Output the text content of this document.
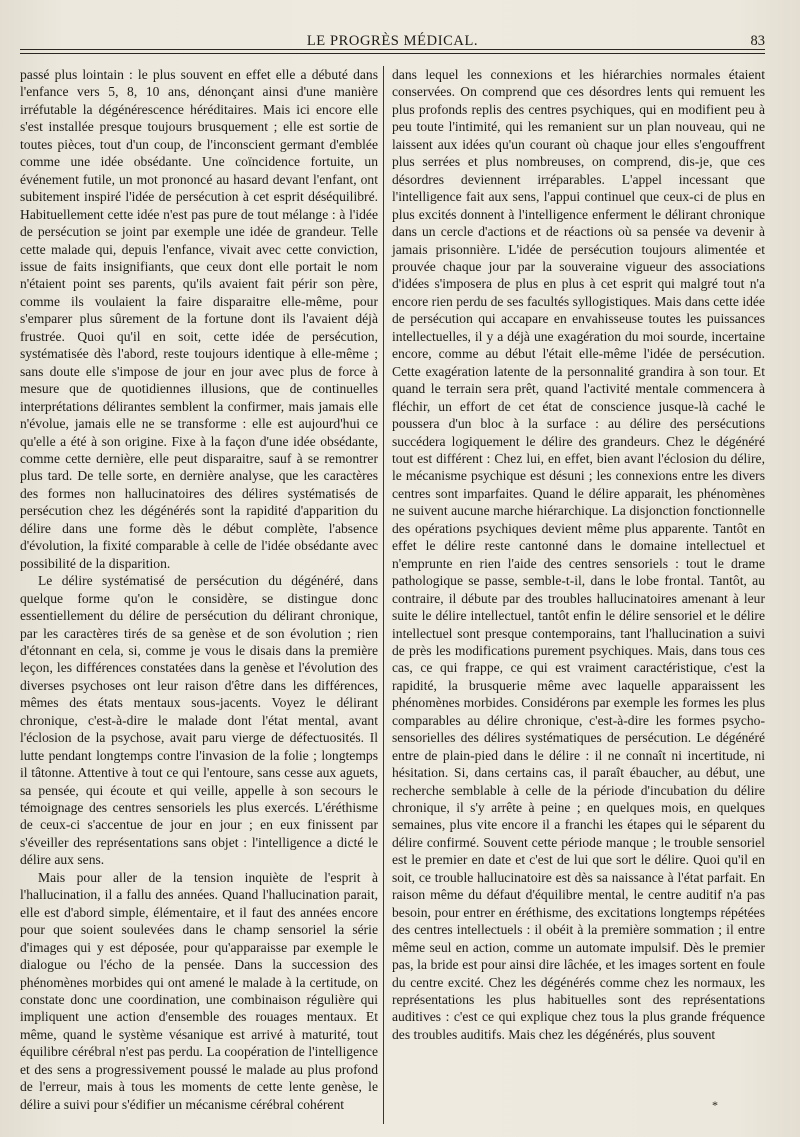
LE PROGRÈS MÉDICAL.	83

passé plus lointain : le plus souvent en effet elle a débuté dans l'enfance vers 5, 8, 10 ans, dénonçant ainsi d'une manière irréfutable la dégénérescence héréditaires. Mais ici encore elle s'est installée presque toujours brusquement ; elle est sortie de toutes pièces, tout d'un coup, de l'inconscient germant d'emblée comme une idée obsédante. Une coïncidence fortuite, un événement futile, un mot prononcé au hasard devant l'enfant, ont subitement inspiré l'idée de persécution à cet esprit déséquilibré. Habituellement cette idée n'est pas pure de tout mélange : à l'idée de persécution se joint par exemple une idée de grandeur. Telle cette malade qui, depuis l'enfance, vivait avec cette conviction, issue de faits insignifiants, que ceux dont elle portait le nom n'étaient point ses parents, qu'ils avaient fait périr son père, comme ils voulaient la faire disparaitre elle-même, pour s'emparer plus sûrement de la fortune dont ils l'avaient déjà frustrée. Quoi qu'il en soit, cette idée de persécution, systématisée dès l'abord, reste toujours identique à elle-même ; sans doute elle s'impose de jour en jour avec plus de force à mesure que de quotidiennes illusions, que de continuelles interprétations délirantes semblent la confirmer, mais jamais elle n'évolue, jamais elle ne se transforme : elle est aujourd'hui ce qu'elle a été à son origine. Fixe à la façon d'une idée obsédante, comme cette dernière, elle peut disparaitre, sauf à se remontrer plus tard. De telle sorte, en dernière analyse, que les caractères des formes non hallucinatoires des délires systématisés de persécution chez les dégénérés sont la rapidité d'apparition du délire dans une forme dès le début complète, l'absence d'évolution, la fixité comparable à celle de l'idée obsédante avec possibilité de la disparition.

Le délire systématisé de persécution du dégénéré, dans quelque forme qu'on le considère, se distingue donc essentiellement du délire de persécution du délirant chronique, par les caractères tirés de sa genèse et de son évolution ; rien d'étonnant en cela, si, comme je vous le disais dans la première leçon, les différences constatées dans la genèse et l'évolution des diverses psychoses ont leur raison d'être dans les différences, mêmes des états mentaux sous-jacents. Voyez le délirant chronique, c'est-à-dire le malade dont l'état mental, avant l'éclosion de la psychose, avait paru vierge de défectuosités. Il lutte pendant longtemps contre l'invasion de la folie ; longtemps il tâtonne. Attentive à tout ce qui l'entoure, sans cesse aux aguets, sa pensée, qui écoute et qui veille, appelle à son secours le témoignage des centres sensoriels les plus exercés. L'éréthisme de ceux-ci s'accentue de jour en jour ; en eux finissent par s'éveiller des représentations sans objet : l'intelligence a dicté le délire aux sens.

Mais pour aller de la tension inquiète de l'esprit à l'hallucination, il a fallu des années. Quand l'hallucination parait, elle est d'abord simple, élémentaire, et il faut des années encore pour que soient soulevées dans le champ sensoriel la série d'images qui y est déposée, pour qu'apparaisse par exemple le dialogue ou l'écho de la pensée. Dans la succession des phénomènes morbides qui ont amené le malade à la certitude, on constate donc une coordination, une combinaison régulière qui impliquent une action d'ensemble des rouages mentaux. Et même, quand le système vésanique est arrivé à maturité, tout équilibre cérébral n'est pas perdu. La coopération de l'intelligence et des sens a progressivement poussé le malade au plus profond de l'erreur, mais à tous les moments de cette lente genèse, le délire a suivi pour s'édifier un mécanisme cérébral cohérent

dans lequel les connexions et les hiérarchies normales étaient conservées. On comprend que ces désordres lents qui remuent les plus profonds replis des centres psychiques, qui en modifient peu à peu toute l'intimité, qui les remanient sur un plan nouveau, qui ne laissent aux idées qu'un courant où chaque jour elles s'engouffrent plus serrées et plus nombreuses, on comprend, dis-je, que ces désordres deviennent irréparables. L'appel incessant que l'intelligence fait aux sens, l'appui continuel que ceux-ci de plus en plus excités donnent à l'intelligence enferment le délirant chronique dans un cercle d'actions et de réactions où sa pensée va devenir à jamais prisonnière. L'idée de persécution toujours alimentée et prouvée chaque jour par la souveraine vigueur des associations d'idées s'imposera de plus en plus à cet esprit qui malgré tout n'a encore rien perdu de ses facultés syllogistiques. Mais dans cette idée de persécution qui accapare en envahisseuse toutes les puissances intellectuelles, il y a déjà une exagération du moi sourde, incertaine encore, comme au début l'était elle-même l'idée de persécution. Cette exagération latente de la personnalité grandira à son tour. Et quand le terrain sera prêt, quand l'activité mentale commencera à fléchir, un effort de cet état de conscience jusque-là caché le poussera d'un bloc à la surface : au délire des persécutions succédera logiquement le délire des grandeurs. Chez le dégénéré tout est différent : Chez lui, en effet, bien avant l'éclosion du délire, le mécanisme psychique est désuni ; les connexions entre les divers centres sont imparfaites. Quand le délire apparait, les phénomènes ne suivent aucune marche hiérarchique. La disjonction fonctionnelle des opérations psychiques devient même plus apparente. Tantôt en effet le délire reste cantonné dans le domaine intellectuel et n'emprunte en rien l'aide des centres sensoriels : tout le drame pathologique se passe, semble-t-il, dans le lobe frontal. Tantôt, au contraire, il débute par des troubles hallucinatoires amenant à leur suite le délire intellectuel, tantôt enfin le délire sensoriel et le délire intellectuel sont presque contemporains, tant l'hallucination a suivi de près les modifications purement psychiques. Mais, dans tous ces cas, ce qui frappe, ce qui est vraiment caractéristique, c'est la rapidité, la brusquerie même avec laquelle apparaissent les phénomènes morbides. Considérons par exemple les formes les plus comparables au délire chronique, c'est-à-dire les formes psycho-sensorielles des délires systématiques de persécution. Le dégénéré entre de plain-pied dans le délire : il ne connaît ni incertitude, ni hésitation. Si, dans certains cas, il paraît ébaucher, au début, une recherche semblable à celle de la période d'incubation du délire chronique, il s'y arrête à peine ; en quelques mois, en quelques semaines, plus vite encore il a franchi les étapes qui le séparent du délire confirmé. Souvent cette période manque ; le trouble sensoriel est le premier en date et c'est de lui que sort le délire. Quoi qu'il en soit, ce trouble hallucinatoire est dès sa naissance à l'état parfait. En raison même du défaut d'équilibre mental, le centre auditif n'a pas besoin, pour entrer en éréthisme, des excitations longtemps répétées des centres intellectuels : il obéit à la première sommation ; il entre même seul en action, comme un automate impulsif. Dès le premier pas, la bride est pour ainsi dire lâchée, et les images sortent en foule du centre excité. Chez les dégénérés comme chez les normaux, les représentations les plus habituelles sont des représentations auditives : c'est ce qui explique chez tous la plus grande fréquence des troubles auditifs. Mais chez les dégénérés, plus souvent

*
